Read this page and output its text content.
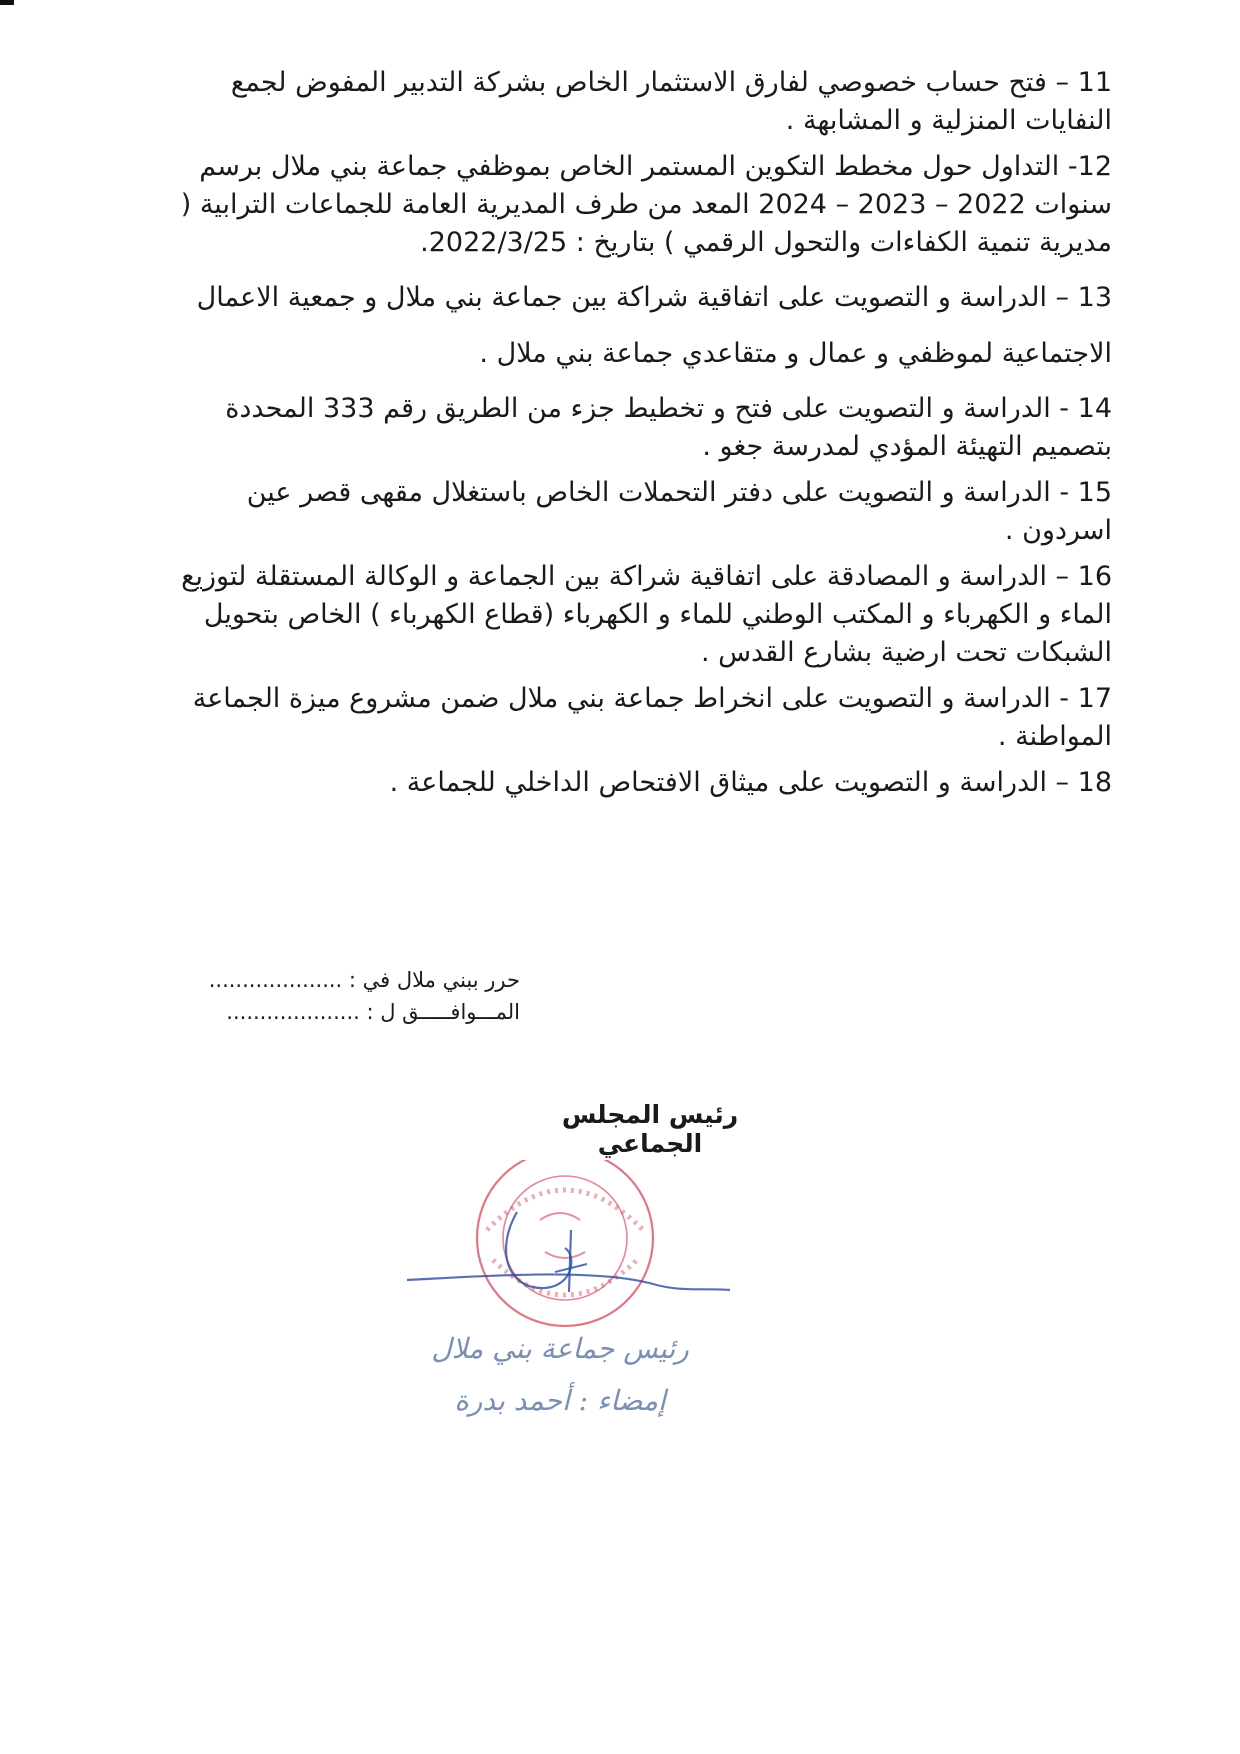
11 – فتح حساب خصوصي لفارق الاستثمار الخاص بشركة التدبير المفوض لجمع النفايات المنزلية و المشابهة .

12- التداول حول مخطط التكوين المستمر الخاص بموظفي جماعة بني ملال برسم سنوات 2022 – 2023 – 2024 المعد من طرف المديرية العامة للجماعات الترابية ( مديرية تنمية الكفاءات والتحول الرقمي ) بتاريخ : 2022/3/25.

13 – الدراسة و التصويت على اتفاقية شراكة بين جماعة بني ملال و جمعية الاعمال الاجتماعية لموظفي و عمال و متقاعدي جماعة بني ملال .

14 - الدراسة و التصويت على فتح و تخطيط جزء من الطريق رقم 333 المحددة بتصميم التهيئة المؤدي لمدرسة جغو .

15 - الدراسة و التصويت على دفتر التحملات الخاص باستغلال مقهى قصر عين اسردون .

16 – الدراسة و المصادقة على اتفاقية شراكة بين الجماعة و الوكالة المستقلة لتوزيع الماء و الكهرباء و المكتب الوطني للماء و الكهرباء (قطاع الكهرباء ) الخاص بتحويل الشبكات تحت ارضية بشارع القدس .

17 - الدراسة و التصويت على انخراط جماعة بني ملال ضمن مشروع ميزة الجماعة المواطنة .

18 – الدراسة و التصويت على ميثاق الافتحاص الداخلي للجماعة .

حرر ببني ملال في : ....................
المـــوافـــــق ل : ....................
رئيس المجلس الجماعي
رئيس جماعة بني ملال
إمضاء : أحمد بدرة
